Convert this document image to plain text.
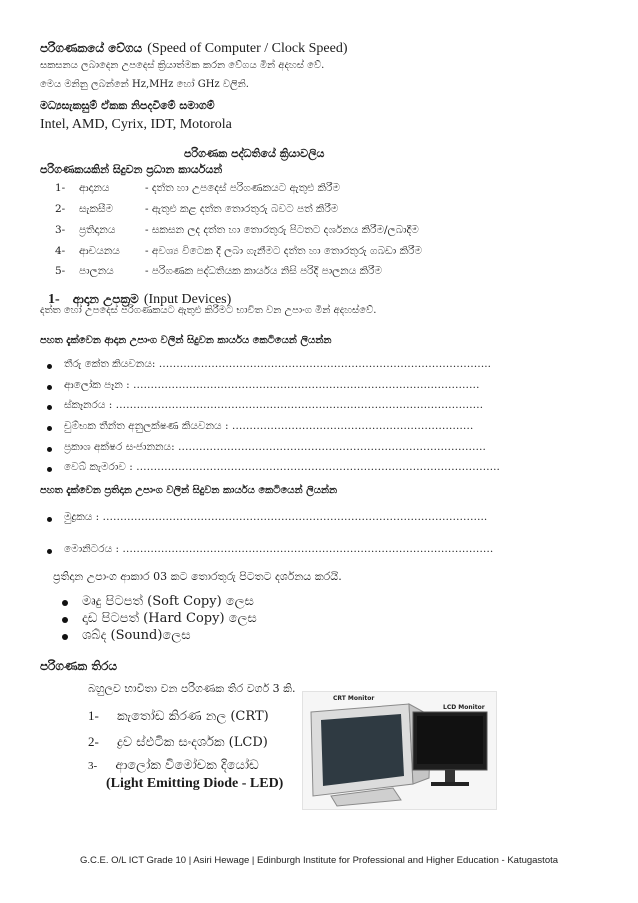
පරිගණකයේ වේගය (Speed of Computer / Clock Speed)
සකසනය ලබාදෙන උපදෙස් ක්‍රියාත්මක කරන වේගය මින් අදහස් වේ.
මෙය මනිනු ලබන්නේ Hz,MHz හෝ GHz වලිනි.
මධ්‍යසැකසුම් ඒකක නිපදවීමේ සමාගම්
Intel, AMD, Cyrix, IDT, Motorola
පරිගණක පද්ධතියේ ක්‍රියාවලිය
පරිගණකයකින් සිදුවන ප්‍රධාන කාර්යයන්
1- ආදානය	- දත්ත හා උපදෙස් පරිගණකයට ඇතුළු කිරීම
2- සැකසීම	- ඇතුළු කළ දත්ත තොරතුරු බවට පත් කිරීම
3- ප්‍රතිදානය	- සකසන ලද දත්ත හා තොරතුරු පිටතට දර්ශනය කිරීම/ලබාදීම
4- ආචයනය - අවශ්‍ය විටෙක දී ලබා ගැනීමට දත්ත හා තොරතුරු ගබඩා කිරීම
5- පාලනය	- පරිගණක පද්ධතියක කාර්යය නිසි පරිදි පාලනය කිරීම
1- ආදාන උපක්‍රම (Input Devices)
දත්ත හෝ උපදෙස් පරිගණකයට ඇතුළු කිරීමට භාවිත වන උපාංග මින් අදහස්වේ.
පහත දැක්වෙන ආදාන උපාංග වලින් සිදුවන කාර්යය කෙටියෙන් ලියන්න
තීරු කේත කියවනය: …………………………………………………………………………………..
ආලෝක පෑන : ………………………………………………………………………………………
ස්කෑනරය : ……………………………………………………………………………………………
චුම්භක තීන්ත අනුලක්ෂණ කියවනය : ……………………………………………………………
ප්‍රකාශ අක්ෂර සංජානනය: …………………………………………………………………………….
වෙබ් කැමරාව : …………………………………………………………………………………………..
පහත දැක්වෙන ප්‍රතිදාන උපාංග වලින් සිදුවන කාර්යය කෙටියෙන් ලියන්න
මුද්‍රකය : ………………………………………………………………………………………………..
මොනිටරය : …………………………………………………………………………………………….
ප්‍රතිදාන උපාංග ආකාර 03 කට තොරතුරු පිටතට දර්ශනය කරයි.
මෘදු පිටපත් (Soft Copy) ලෙස
දෘඩ පිටපත් (Hard Copy) ලෙස
ශබ්ද (Sound)ලෙස
පරිගණක තිරය
බහුලව භාවිතා වන පරිගණක තිර වර්ග 3 කි.
1- කැතෝඩ කිරණ නල (CRT)
2- ද්‍රව ස්ඵටික සංදර්ශක (LCD)
3- ආලෝක විමෝචක දියෝඩ
(Light Emitting Diode - LED)
CRT Monitor
LCD Monitor
G.C.E. O/L ICT Grade 10 | Asiri Hewage | Edinburgh Institute for Professional and Higher Education - Katugastota
